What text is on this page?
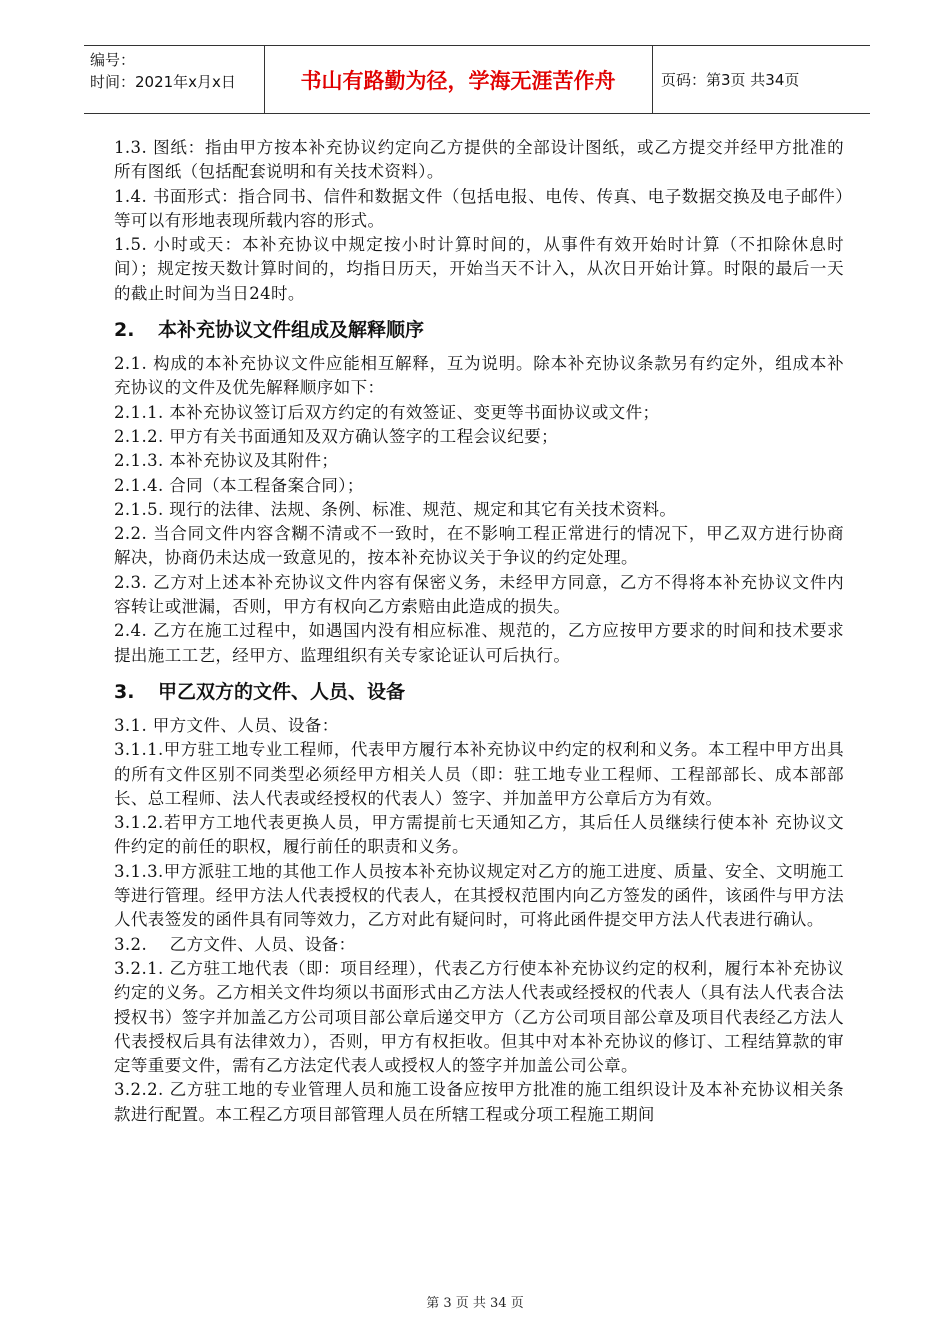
编号：
时间：2021年x月x日	书山有路勤为径，学海无涯苦作舟	页码：第3页 共34页

1.3. 图纸：指由甲方按本补充协议约定向乙方提供的全部设计图纸，或乙方提交并经甲方批准的所有图纸（包括配套说明和有关技术资料）。

1.4. 书面形式：指合同书、信件和数据文件（包括电报、电传、传真、电子数据交换及电子邮件）等可以有形地表现所载内容的形式。

1.5. 小时或天：本补充协议中规定按小时计算时间的，从事件有效开始时计算（不扣除休息时间）；规定按天数计算时间的，均指日历天，开始当天不计入，从次日开始计算。时限的最后一天的截止时间为当日24时。

2. 本补充协议文件组成及解释顺序

2.1. 构成的本补充协议文件应能相互解释，互为说明。除本补充协议条款另有约定外，组成本补充协议的文件及优先解释顺序如下：

2.1.1. 本补充协议签订后双方约定的有效签证、变更等书面协议或文件；

2.1.2. 甲方有关书面通知及双方确认签字的工程会议纪要；

2.1.3. 本补充协议及其附件；

2.1.4. 合同（本工程备案合同）；

2.1.5. 现行的法律、法规、条例、标准、规范、规定和其它有关技术资料。

2.2. 当合同文件内容含糊不清或不一致时，在不影响工程正常进行的情况下，甲乙双方进行协商解决，协商仍未达成一致意见的，按本补充协议关于争议的约定处理。

2.3. 乙方对上述本补充协议文件内容有保密义务，未经甲方同意，乙方不得将本补充协议文件内容转让或泄漏，否则，甲方有权向乙方索赔由此造成的损失。

2.4. 乙方在施工过程中，如遇国内没有相应标准、规范的，乙方应按甲方要求的时间和技术要求提出施工工艺，经甲方、监理组织有关专家论证认可后执行。

3. 甲乙双方的文件、人员、设备

3.1. 甲方文件、人员、设备：

3.1.1.甲方驻工地专业工程师，代表甲方履行本补充协议中约定的权利和义务。本工程中甲方出具的所有文件区别不同类型必须经甲方相关人员（即：驻工地专业工程师、工程部部长、成本部部长、总工程师、法人代表或经授权的代表人）签字、并加盖甲方公章后方为有效。

3.1.2.若甲方工地代表更换人员，甲方需提前七天通知乙方，其后任人员继续行使本补 充协议文件约定的前任的职权，履行前任的职责和义务。

3.1.3.甲方派驻工地的其他工作人员按本补充协议规定对乙方的施工进度、质量、安全、文明施工等进行管理。经甲方法人代表授权的代表人，在其授权范围内向乙方签发的函件，该函件与甲方法人代表签发的函件具有同等效力，乙方对此有疑问时，可将此函件提交甲方法人代表进行确认。

3.2.    乙方文件、人员、设备：

3.2.1. 乙方驻工地代表（即：项目经理），代表乙方行使本补充协议约定的权利，履行本补充协议约定的义务。乙方相关文件均须以书面形式由乙方法人代表或经授权的代表人（具有法人代表合法授权书）签字并加盖乙方公司项目部公章后递交甲方（乙方公司项目部公章及项目代表经乙方法人代表授权后具有法律效力），否则，甲方有权拒收。但其中对本补充协议的修订、工程结算款的审定等重要文件，需有乙方法定代表人或授权人的签字并加盖公司公章。

3.2.2. 乙方驻工地的专业管理人员和施工设备应按甲方批准的施工组织设计及本补充协议相关条款进行配置。本工程乙方项目部管理人员在所辖工程或分项工程施工期间

第 3 页 共 34 页
